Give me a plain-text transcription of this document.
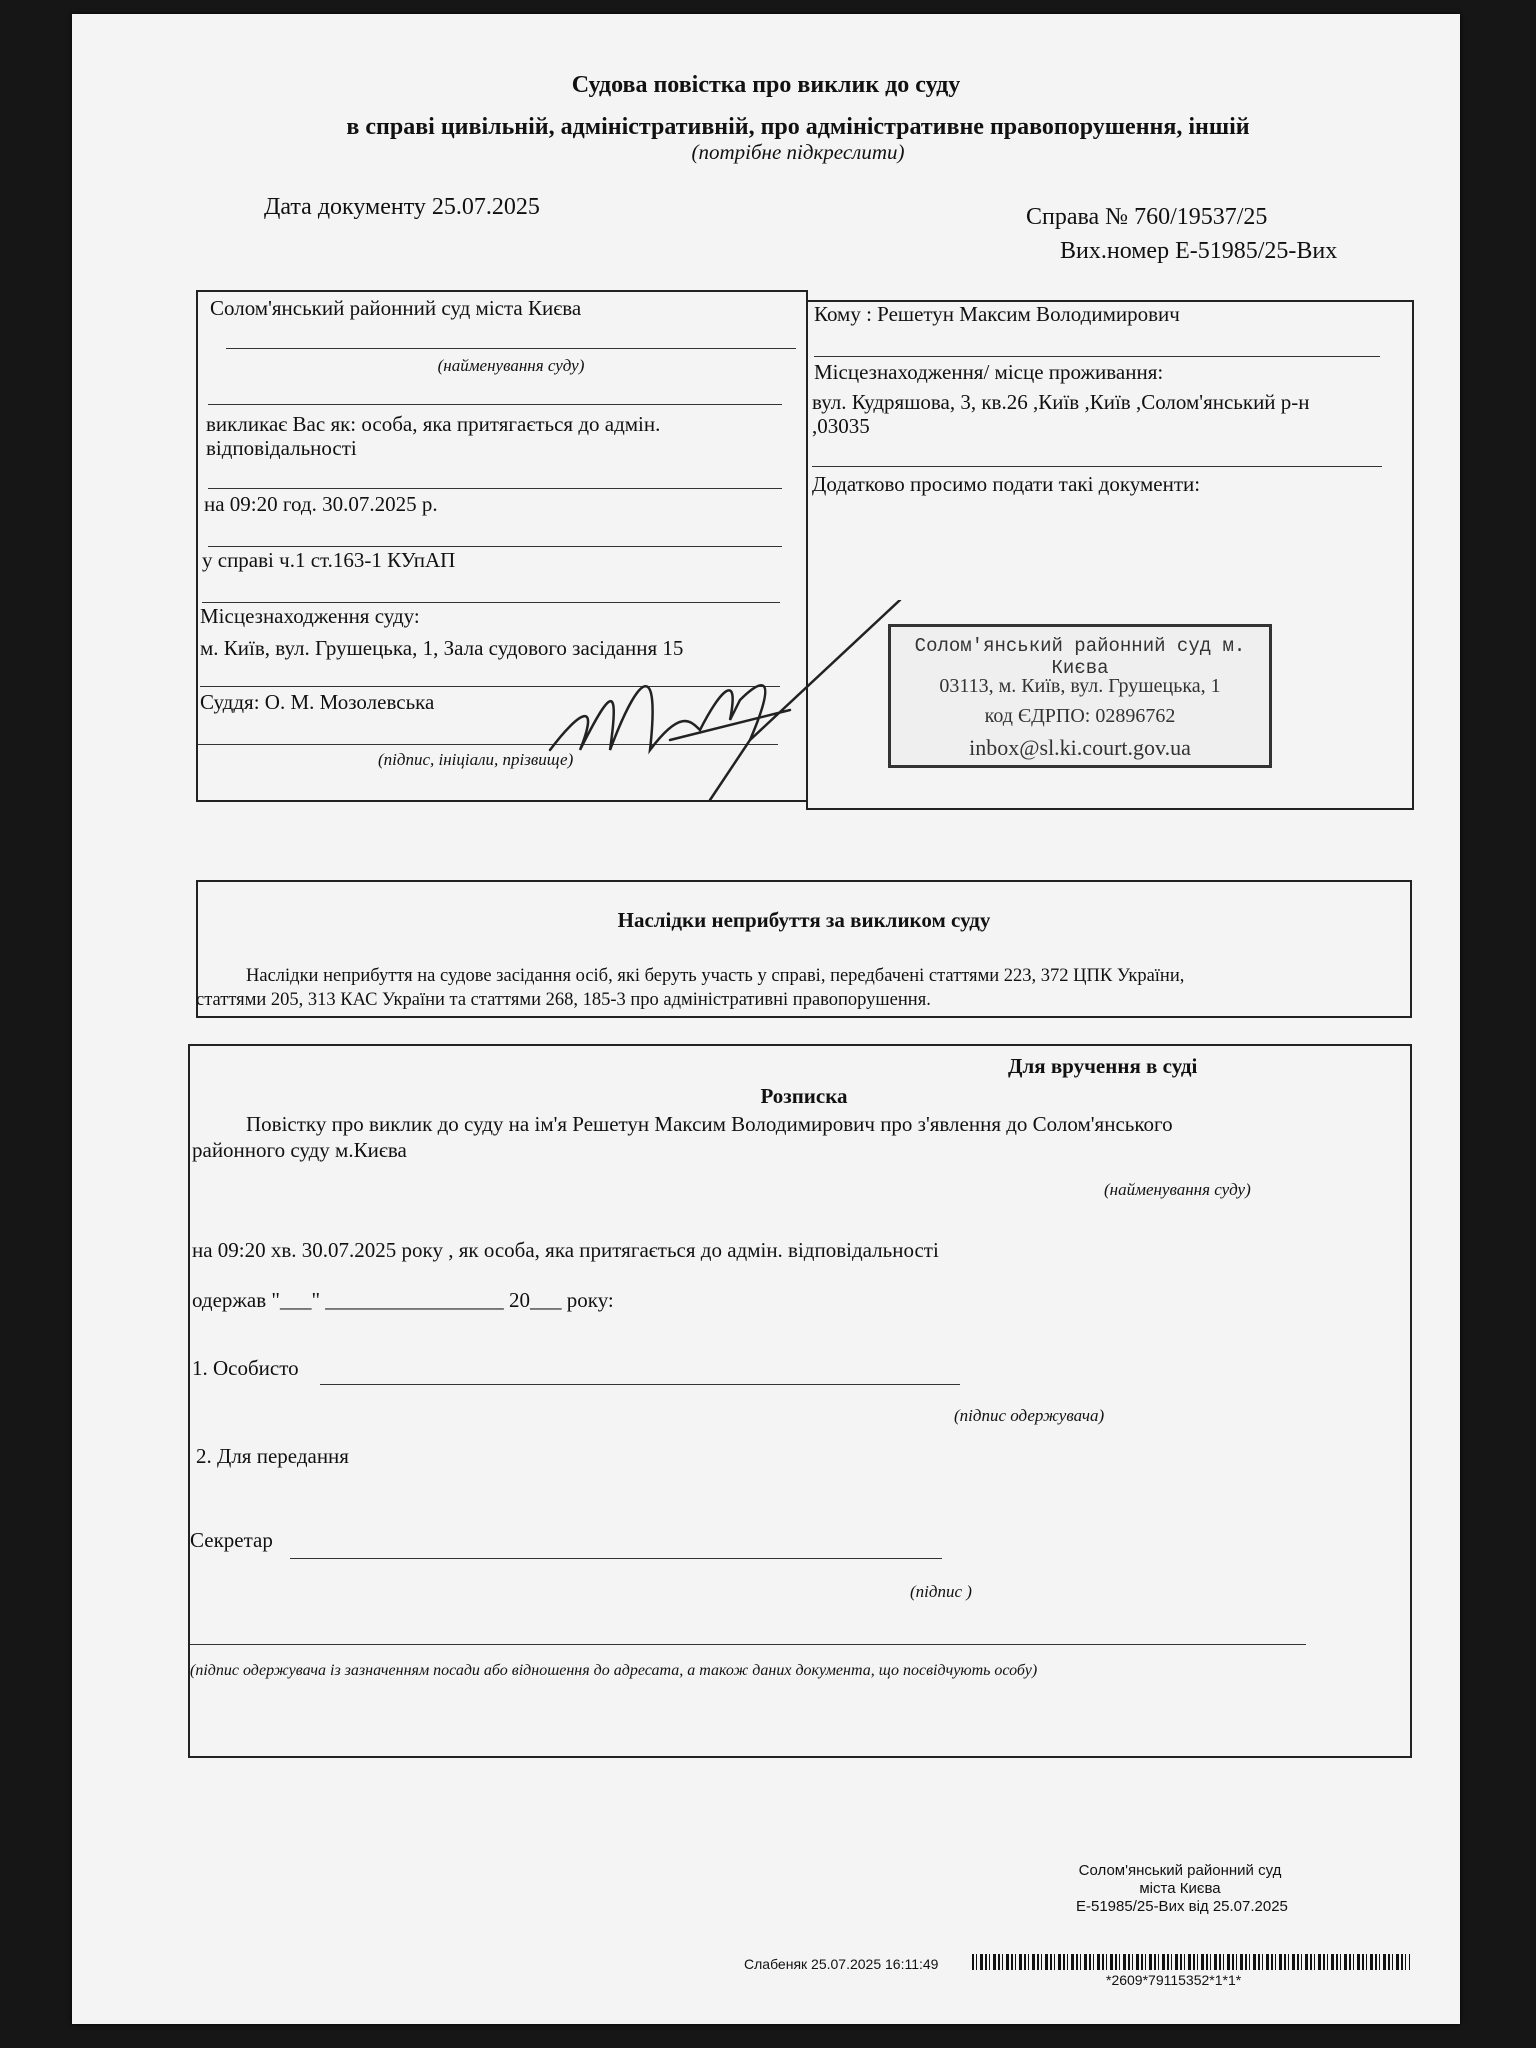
Судова повістка про виклик до суду
в справі цивільній, адміністративній, про адміністративне правопорушення, іншій
(потрібне підкреслити)
Дата документу 25.07.2025	Справа № 760/19537/25
Вих.номер Е-51985/25-Вих
Солом'янський районний суд міста Києва
(найменування суду)
викликає Вас як: особа, яка притягається до адмін.
відповідальності
на 09:20 год. 30.07.2025 р.
у справі ч.1 ст.163-1 КУпАП
Місцезнаходження суду:
м. Київ, вул. Грушецька, 1, Зала судового засідання 15
Суддя: О. М. Мозолевська
(підпис, ініціали, прізвище)
Кому : Решетун Максим Володимирович
Місцезнаходження/ місце проживання:
вул. Кудряшова, 3, кв.26 ,Київ ,Київ ,Солом'янський р-н
,03035
Додатково просимо подати такі документи:
Солом'янський районний суд м. Києва
03113, м. Київ, вул. Грушецька, 1
код ЄДРПО: 02896762
inbox@sl.ki.court.gov.ua
Наслідки неприбуття за викликом суду
Наслідки неприбуття на судове засідання осіб, які беруть участь у справі, передбачені статтями 223, 372 ЦПК України,
статтями 205, 313 КАС України та статтями 268, 185-3 про адміністративні правопорушення.
Для вручення в суді
Розписка
Повістку про виклик до суду на ім'я Решетун Максим Володимирович про з'явлення до Солом'янського
районного суду м.Києва
(найменування суду)
на 09:20 хв. 30.07.2025 року , як особа, яка притягається до адмін. відповідальності
одержав "___" _________________ 20___ року:
1. Особисто
(підпис одержувача)
2. Для передання
Секретар
(підпис )
(підпис одержувача із зазначенням посади або відношення до адресата, а також даних документа, що посвідчують особу)
Солом'янський районний суд
міста Києва
Е-51985/25-Вих від 25.07.2025
Слабеняк 25.07.2025 16:11:49
*2609*79115352*1*1*
